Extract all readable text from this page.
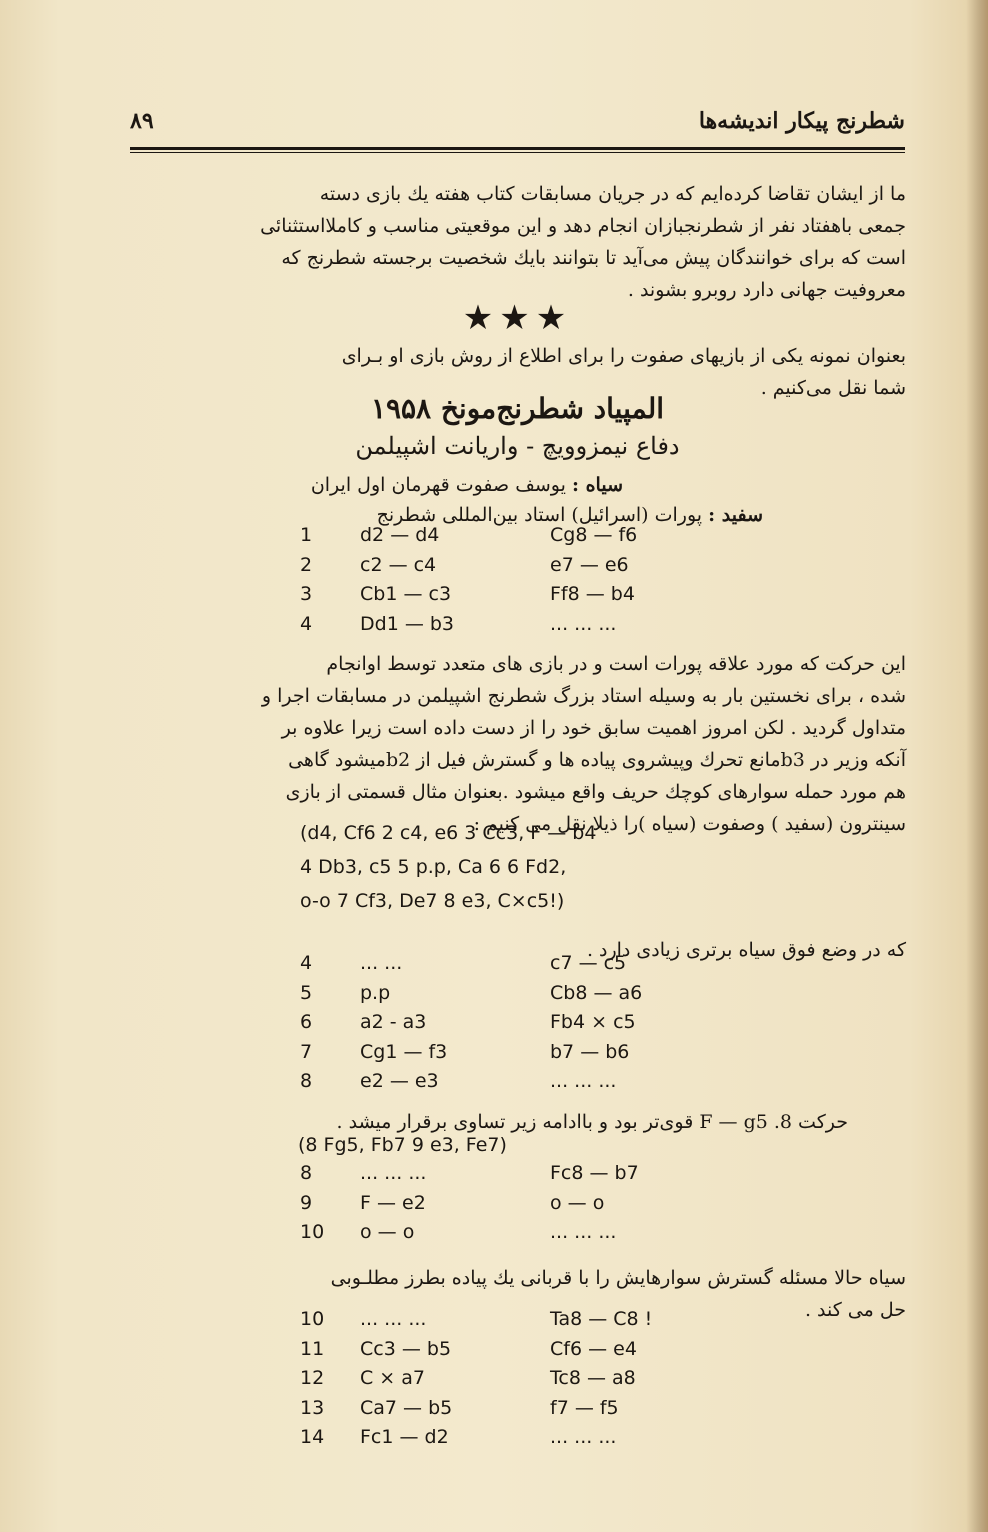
۸۹	شطرنج پیکار اندیشه‌ها
ما از ایشان تقاضا کرده‌ایم که در جریان مسابقات کتاب هفته یك بازی دسته
جمعی باهفتاد نفر از شطرنجبازان انجام دهد و این موقعیتی مناسب و کاملااستثنائی
است که برای خوانندگان پیش می‌آید تا بتوانند بایك شخصیت برجسته شطرنج که
معروفیت جهانی دارد روبرو بشوند .
★★★
بعنوان نمونه یکی از بازیهای صفوت را برای اطلاع از روش بازی او بـرای
شما نقل می‌کنیم .
المپیاد شطرنج‌مونخ ۱۹۵۸
دفاع نیمزوویچ - واریانت اشپیلمن
سیاه : یوسف صفوت قهرمان اول ایران
سفید : پورات (اسرائیل) استاد بین‌المللی شطرنج
1	d2 — d4	Cg8 — f6
2	c2 — c4	e7 — e6
3	Cb1 — c3	Ff8 — b4
4	Dd1 — b3	... ... ...
این حرکت که مورد علاقه پورات است و در بازی های متعدد توسط اوانجام
شده ، برای نخستین بار به وسیله استاد بزرگ شطرنج اشپیلمن در مسابقات اجرا و
متداول گردید . لکن امروز اهمیت سابق خود را از دست داده است زیرا علاوه بر
آنکه وزیر در b3مانع تحرك وپیشروی پیاده ها و گسترش فیل از b2میشود گاهی
هم مورد حمله سوارهای کوچك حریف واقع میشود .بعنوان مثال قسمتی از بازی
سینترون (سفید ) وصفوت (سیاه )را ذیلا نقل می کنیم :
(d4, Cf6 2 c4, e6 3 Cc3, F — b4
4 Db3, c5 5 p.p, Ca 6 6 Fd2,
o-o 7 Cf3, De7 8 e3, C×c5!)
که در وضع فوق سیاه برتری زیادی دارد .
4	... ...	c7 — c5
5	p.p	Cb8 — a6
6	a2 - a3	Fb4 × c5
7	Cg1 — f3	b7 — b6
8	e2 — e3	... ... ...
حرکت 8. F — g5 قوی‌تر بود و باادامه زیر تساوی برقرار میشد .
(8 Fg5, Fb7 9 e3, Fe7)
8	... ... ...	Fc8 — b7
9	F — e2	o — o
10 o — o	... ... ...
سیاه حالا مسئله گسترش سوارهایش را با قربانی یك پیاده بطرز مطلـوبی
حل می کند .
10 ... ... ...	Ta8 — C8 !
11 Cc3 — b5	Cf6 — e4
12 C × a7	Tc8 — a8
13 Ca7 — b5	f7 — f5
14 Fc1 — d2	... ... ...
